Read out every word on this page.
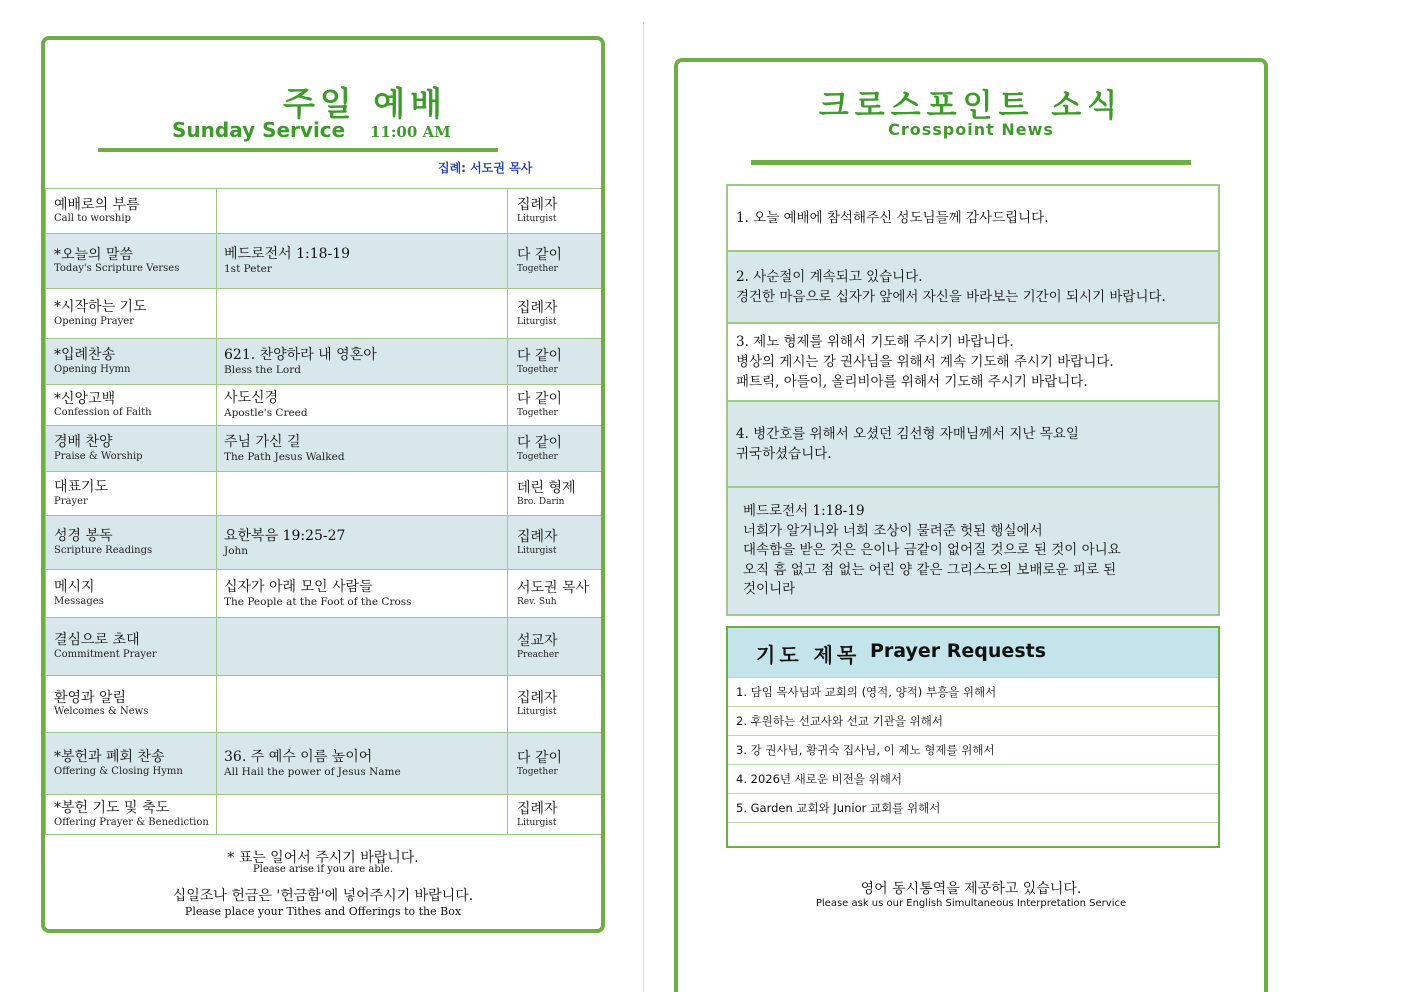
주일 예배
Sunday Service 11:00 AM
집례: 서도권 목사
예배로의 부름
Call to worship		집례자
Liturgist

*오늘의 말씀
Today's Scripture Verses	베드로전서 1:18-19
1st Peter	다 같이
Together

*시작하는 기도
Opening Prayer		집례자
Liturgist

*입례찬송
Opening Hymn	621. 찬양하라 내 영혼아
Bless the Lord	다 같이
Together

*신앙고백
Confession of Faith	사도신경
Apostle's Creed	다 같이
Together

경배 찬양
Praise & Worship	주님 가신 길
The Path Jesus Walked	다 같이
Together

대표기도
Prayer		데린 형제
Bro. Darin

성경 봉독
Scripture Readings	요한복음 19:25-27
John	집례자
Liturgist

메시지
Messages	십자가 아래 모인 사람들
The People at the Foot of the Cross	서도권 목사
Rev. Suh

결심으로 초대
Commitment Prayer		설교자
Preacher

환영과 알림
Welcomes & News		집례자
Liturgist

*봉헌과 폐회 찬송
Offering & Closing Hymn	36. 주 예수 이름 높이어
All Hail the power of Jesus Name	다 같이
Together

*봉헌 기도 및 축도
Offering Prayer & Benediction		집례자
Liturgist
* 표는 일어서 주시기 바랍니다.
Please arise if you are able.
십일조나 헌금은 '헌금함'에 넣어주시기 바랍니다.
Please place your Tithes and Offerings to the Box
크로스포인트 소식
Crosspoint News
1. 오늘 예배에 참석해주신 성도님들께 감사드립니다.
2. 사순절이 계속되고 있습니다.
경건한 마음으로 십자가 앞에서 자신을 바라보는 기간이 되시기 바랍니다.
3. 제노 형제를 위해서 기도해 주시기 바랍니다.
병상의 게시는 강 권사님을 위해서 계속 기도해 주시기 바랍니다.
패트릭, 아들이, 올리비아를 위해서 기도해 주시기 바랍니다.
4. 병간호를 위해서 오셨던 김선형 자매님께서 지난 목요일
귀국하셨습니다.
베드로전서 1:18-19
너희가 알거니와 너희 조상이 물려준 헛된 행실에서
대속함을 받은 것은 은이나 금같이 없어질 것으로 된 것이 아니요
오직 흠 없고 점 없는 어린 양 같은 그리스도의 보배로운 피로 된
것이니라
기도 제목 Prayer Requests
1. 담임 목사님과 교회의 (영적, 양적) 부흥을 위해서
2. 후원하는 선교사와 선교 기관을 위해서
3. 강 권사님, 황귀숙 집사님, 이 제노 형제를 위해서
4. 2026년 새로운 비전을 위해서
5. Garden 교회와 Junior 교회를 위해서
영어 동시통역을 제공하고 있습니다.
Please ask us our English Simultaneous Interpretation Service
